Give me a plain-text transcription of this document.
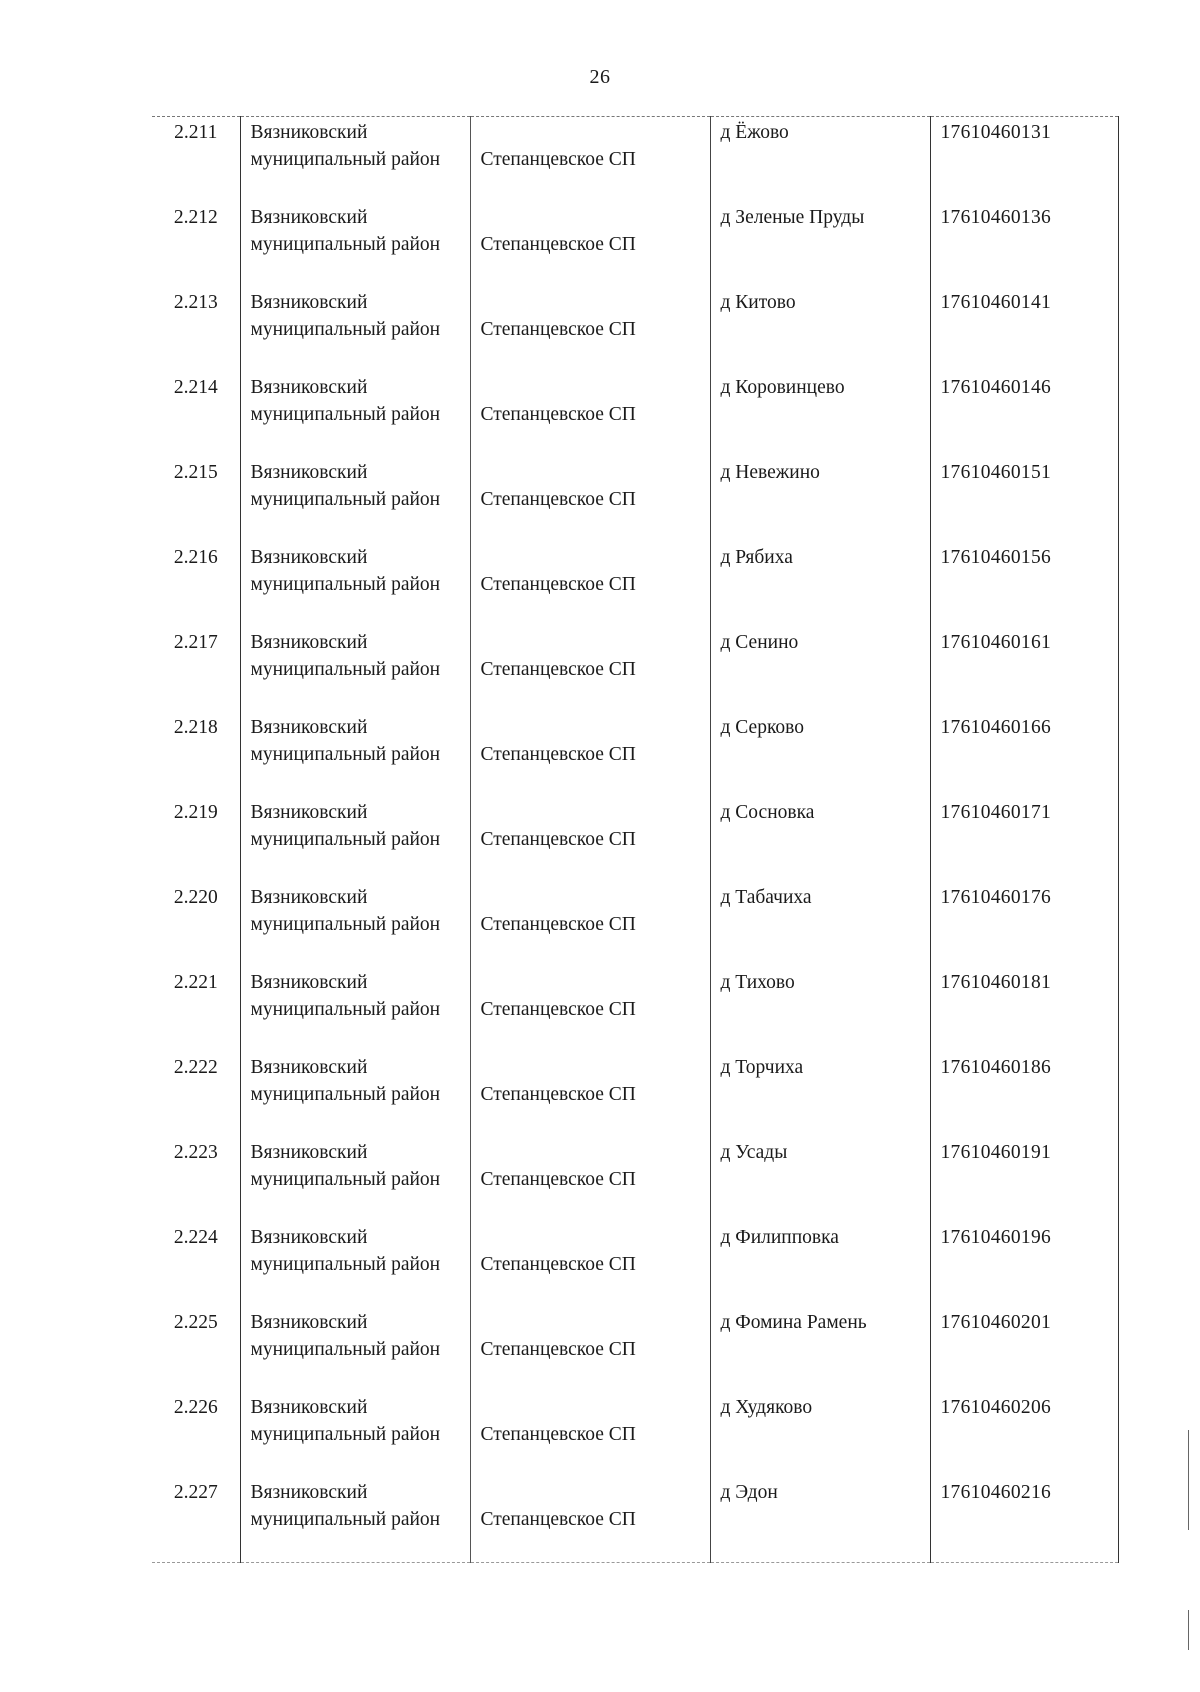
26
2.211	Вязниковский муниципальный район	Степанцевское СП	д Ёжово	17610460131
2.212	Вязниковский муниципальный район	Степанцевское СП	д Зеленые Пруды	17610460136
2.213	Вязниковский муниципальный район	Степанцевское СП	д Китово	17610460141
2.214	Вязниковский муниципальный район	Степанцевское СП	д Коровинцево	17610460146
2.215	Вязниковский муниципальный район	Степанцевское СП	д Невежино	17610460151
2.216	Вязниковский муниципальный район	Степанцевское СП	д Рябиха	17610460156
2.217	Вязниковский муниципальный район	Степанцевское СП	д Сенино	17610460161
2.218	Вязниковский муниципальный район	Степанцевское СП	д Серково	17610460166
2.219	Вязниковский муниципальный район	Степанцевское СП	д Сосновка	17610460171
2.220	Вязниковский муниципальный район	Степанцевское СП	д Табачиха	17610460176
2.221	Вязниковский муниципальный район	Степанцевское СП	д Тихово	17610460181
2.222	Вязниковский муниципальный район	Степанцевское СП	д Торчиха	17610460186
2.223	Вязниковский муниципальный район	Степанцевское СП	д Усады	17610460191
2.224	Вязниковский муниципальный район	Степанцевское СП	д Филипповка	17610460196
2.225	Вязниковский муниципальный район	Степанцевское СП	д Фомина Рамень	17610460201
2.226	Вязниковский муниципальный район	Степанцевское СП	д Худяково	17610460206
2.227	Вязниковский муниципальный район	Степанцевское СП	д Эдон	17610460216
